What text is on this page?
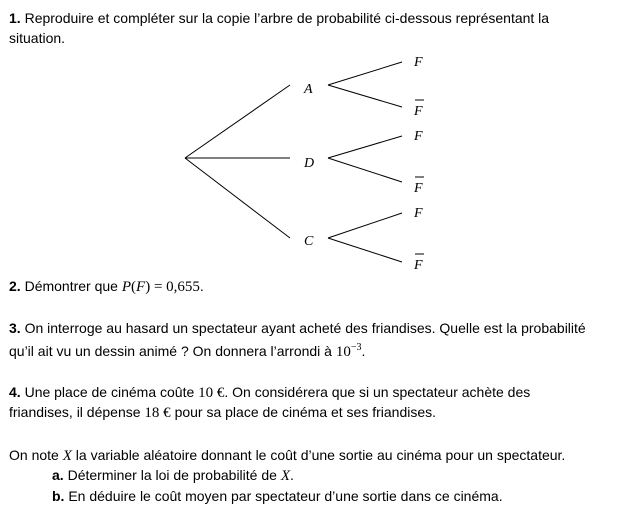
1. Reproduire et compléter sur la copie l’arbre de probabilité ci-dessous représentant la

situation.

A
D
C
F
F
F
F
F
F

2. Démontrer que P(F) = 0,655.

3. On interroge au hasard un spectateur ayant acheté des friandises. Quelle est la probabilité

qu’il ait vu un dessin animé ? On donnera l’arrondi à $10^{-3}$.

4. Une place de cinéma coûte 10 €. On considérera que si un spectateur achète des

friandises, il dépense 18 € pour sa place de cinéma et ses friandises.

On note X la variable aléatoire donnant le coût d’une sortie au cinéma pour un spectateur.

a. Déterminer la loi de probabilité de X.

b. En déduire le coût moyen par spectateur d’une sortie dans ce cinéma.
